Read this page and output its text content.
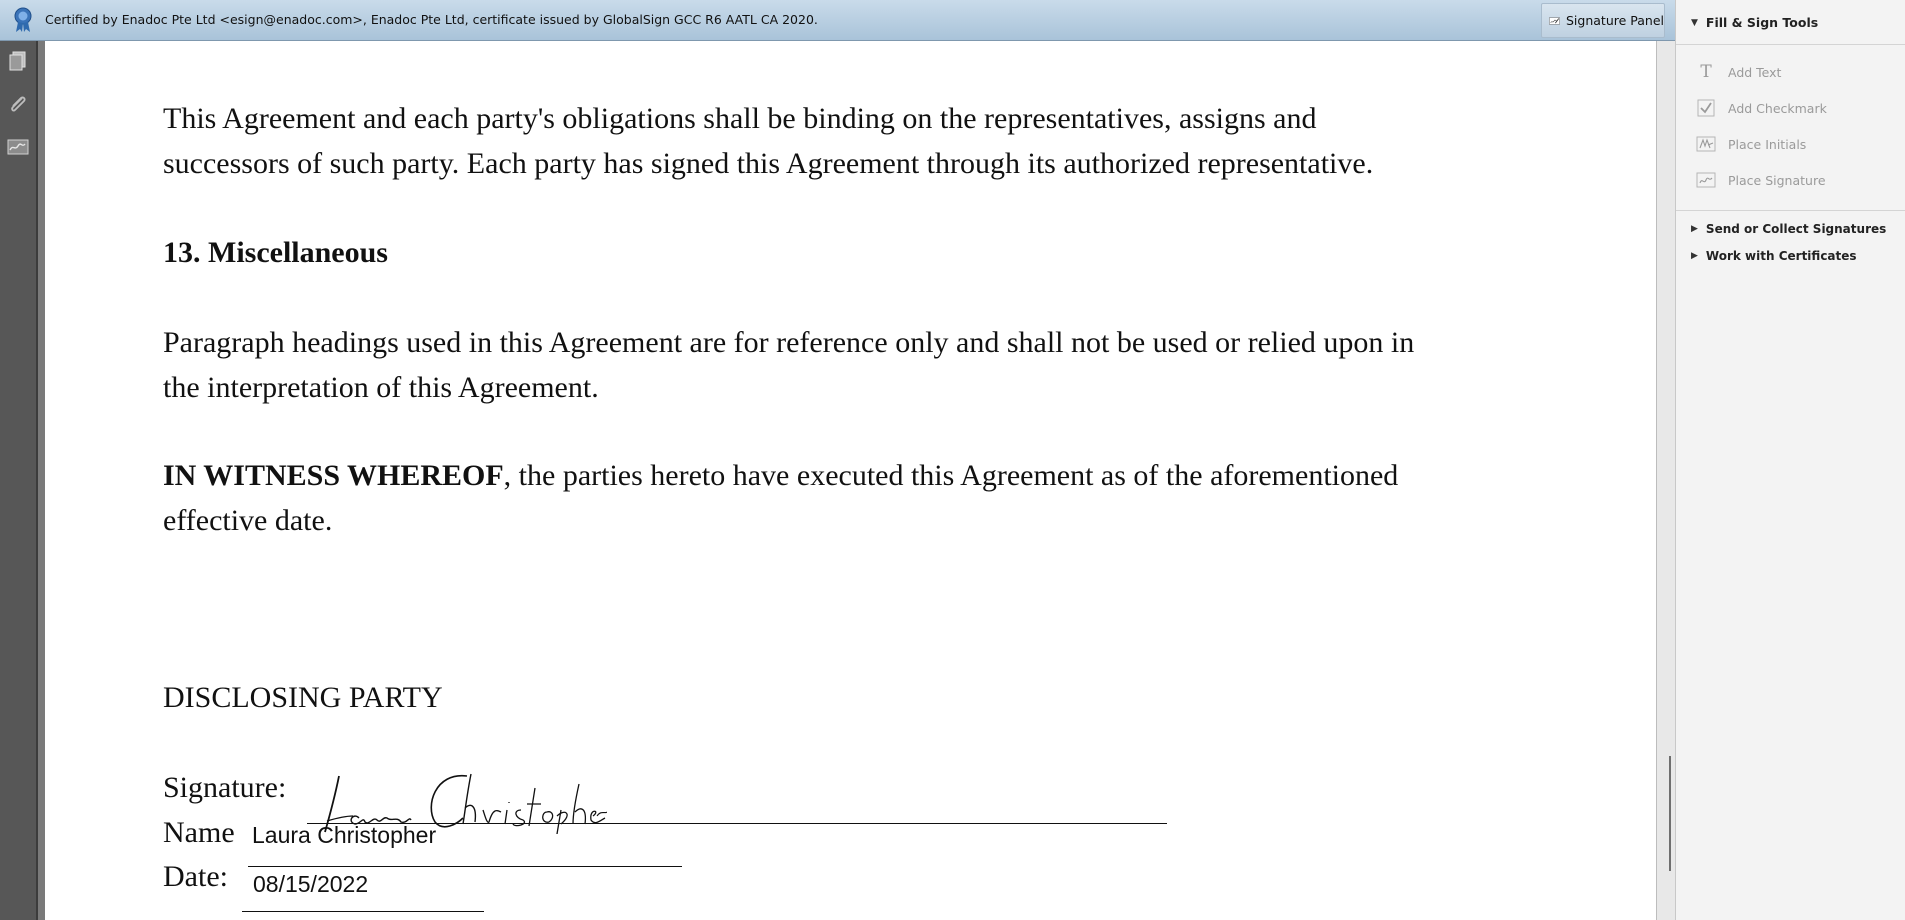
Certified by Enadoc Pte Ltd <esign@enadoc.com>, Enadoc Pte Ltd, certificate issued by GlobalSign GCC R6 AATL CA 2020.	Signature Panel
This Agreement and each party's obligations shall be binding on the representatives, assigns and
successors of such party. Each party has signed this Agreement through its authorized representative.
13. Miscellaneous
Paragraph headings used in this Agreement are for reference only and shall not be used or relied upon in
the interpretation of this Agreement.
IN WITNESS WHEREOF, the parties hereto have executed this Agreement as of the aforementioned
effective date.
DISCLOSING PARTY
Signature:
Name Laura Christopher
Date: 08/15/2022
▼ Fill & Sign Tools
T	Add Text
Add Checkmark
Place Initials
Place Signature
▶ Send or Collect Signatures
▶ Work with Certificates
